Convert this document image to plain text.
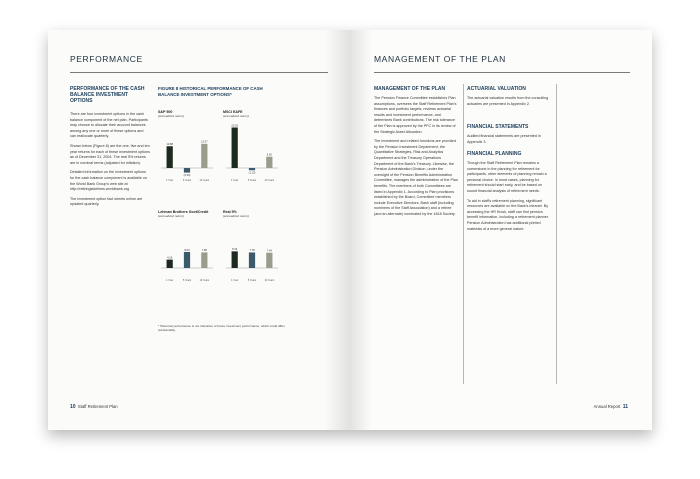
PERFORMANCE
PERFORMANCE OF THE CASH BALANCE INVESTMENT OPTIONS

There are four investment options in the cash balance component of the net plan. Participants may choose to allocate their account balances among any one or more of these options and can reallocate quarterly.

Shown below (Figure 8) are the one, five and ten year returns for each of these investment options as of December 31, 2004. The real 5% returns are in nominal terms (adjusted for inflation).

Detailed information on the investment options for the cash balance component is available on the World Bank Group's web site at http://retiringsidelines.worldbank.org

The investment option fact sheets online are updated quarterly.

FIGURE 8 HISTORICAL PERFORMANCE OF CASH BALANCE INVESTMENT OPTIONS*
S&P 500
(annualized return)
10.88
1 Year
(2.30)
5 Years
12.07
10 Years
MSCI EAFE
(annualized return)
20.25
1 Year
(1.13)
5 Years
5.62
10 Years
Lehman Brothers Govt/Credit
(annualized return)
4.19
1 Year
8.00
5 Years
7.80
10 Years
Real 5%
(annualized return)
8.33
1 Year
7.78
5 Years
7.64
10 Years
* Historical performance is not indicative of future investment performance, which could differ substantially.
10 Staff Retirement Plan
MANAGEMENT OF THE PLAN
MANAGEMENT OF THE PLAN

The Pension Finance Committee establishes Plan assumptions, oversees the Staff Retirement Plan's finances and portfolio targets, reviews actuarial results and investment performance, and determines Bank contributions. The risk tolerance of the Plan is approved by the PFC in its review of the Strategic Asset Allocation.

The investment and related functions are provided by the Pension Investment Department, the Quantitative Strategies, Risk and Analytics Department and the Treasury Operations Department of the Bank's Treasury. Likewise, the Pension Administration Division, under the oversight of the Pension Benefits Administration Committee, manages the administration of the Plan benefits. The members of both Committees are listed in Appendix 1. According to Plan provisions established by the Board, Committee members include Executive Directors, Bank staff (including nominees of the Staff Association) and a retiree (and an alternate) nominated by the 1818 Society.

ACTUARIAL VALUATION
The actuarial valuation results from the consulting actuaries are presented in Appendix 2.
FINANCIAL STATEMENTS
Audited financial statements are presented in Appendix 3.
FINANCIAL PLANNING

Though the Staff Retirement Plan remains a cornerstone in the planning for retirement for participants, other elements of planning remain a personal choice. In most cases, planning for retirement should start early, and be based on sound financial analysis of retirement needs.

To aid in staff's retirement planning, significant resources are available on the Bank's intranet. By accessing the HR Kiosk, staff can find pension benefit information, including a retirement planner. Pension Administration has additional printed materials of a more general nature.

Annual Report 11
